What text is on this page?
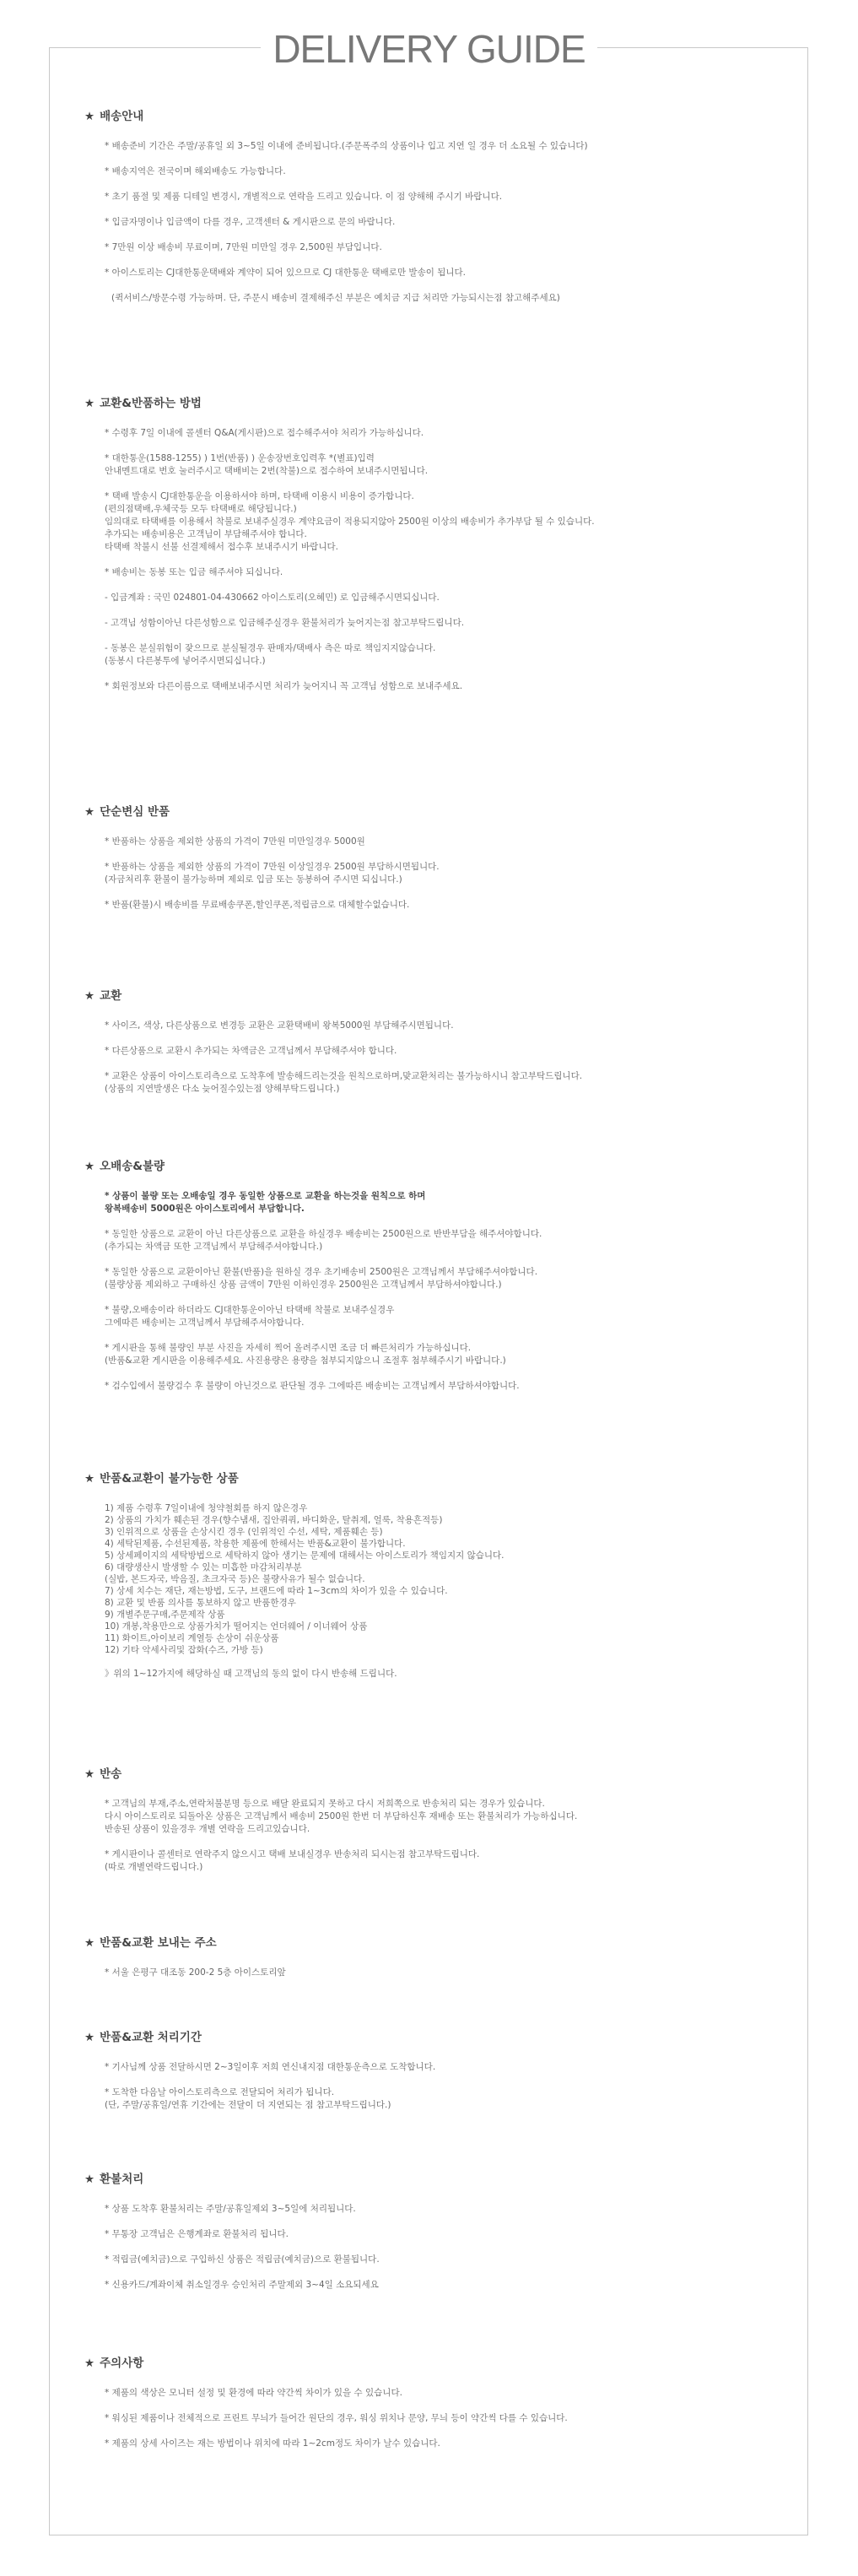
DELIVERY GUIDE
★ 배송안내
* 배송준비 기간은 주말/공휴일 외 3~5일 이내에 준비됩니다.(주문폭주의 상품이나 입고 지연 일 경우 더 소요될 수 있습니다)
* 배송지역은 전국이며 해외배송도 가능합니다.
* 초기 품절 및 제품 디테일 변경시, 개별적으로 연락을 드리고 있습니다. 이 점 양해해 주시기 바랍니다.
* 입금자명이나 입금액이 다를 경우, 고객센터 & 게시판으로 문의 바랍니다.
* 7만원 이상 배송비 무료이며, 7만원 미만일 경우 2,500원 부담입니다.
* 아이스토리는 CJ대한통운택배와 계약이 되어 있으므로 CJ 대한통운 택배로만 발송이 됩니다.
(퀵서비스/방문수령 가능하며. 단, 주문시 배송비 결제해주신 부분은 예치금 지급 처리만 가능되시는점 참고해주세요)
★ 교환&반품하는 방법
* 수령후 7일 이내에 콜센터 Q&A(게시판)으로 접수해주셔야 처리가 가능하십니다.
* 대한통운(1588-1255) ) 1번(반품) ) 운송장번호입력후 *(별표)입력
안내멘트대로 번호 눌러주시고 택배비는 2번(착불)으로 접수하여 보내주시면됩니다.
* 택배 발송시 CJ대한통운을 이용하셔야 하며, 타택배 이용시 비용이 증가합니다.
(편의점택배,우체국등 모두 타택배로 해당됩니다.)
임의대로 타택배를 이용해서 착불로 보내주실경우 계약요금이 적용되지않아 2500원 이상의 배송비가 추가부담 될 수 있습니다.
추가되는 배송비용은 고객님이 부담해주셔야 합니다.
타택배 착불시 선불 선결제해서 접수후 보내주시기 바랍니다.
* 배송비는 동봉 또는 입금 해주셔야 되십니다.
- 입금계좌 : 국민 024801-04-430662 아이스토리(오혜민) 로 입금해주시면되십니다.
- 고객님 성함이아닌 다른성함으로 입금해주실경우 환불처리가 늦어지는점 참고부탁드립니다.
- 동봉은 분실위험이 잦으므로 분실될경우 판매자/택배사 측은 따로 책임지지않습니다.
(동봉시 다른봉투에 넣어주시면되십니다.)
* 회원정보와 다른이름으로 택배보내주시면 처리가 늦어지니 꼭 고객님 성함으로 보내주세요.
★ 단순변심 반품
* 반품하는 상품을 제외한 상품의 가격이 7만원 미만일경우 5000원
* 반품하는 상품을 제외한 상품의 가격이 7만원 이상일경우 2500원 부담하시면됩니다.
(자금처리후 환불이 불가능하며 제외로 입금 또는 동봉하여 주시면 되십니다.)
* 반품(환불)시 배송비를 무료배송쿠폰,할인쿠폰,적립금으로 대체할수없습니다.
★ 교환
* 사이즈, 색상, 다른상품으로 변경등 교환은 교환택배비 왕복5000원 부담해주시면됩니다.
* 다른상품으로 교환시 추가되는 차액금은 고객님께서 부담해주셔야 합니다.
* 교환은 상품이 아이스토리측으로 도착후에 발송해드리는것을 원칙으로하며,맞교환처리는 불가능하시니 참고부탁드립니다.
(상품의 지연발생은 다소 늦어질수있는점 양해부탁드립니다.)
★ 오배송&불량
* 상품이 불량 또는 오배송일 경우 동일한 상품으로 교환을 하는것을 원칙으로 하며
왕복배송비 5000원은 아이스토리에서 부담합니다.
* 동일한 상품으로 교환이 아닌 다른상품으로 교환을 하실경우 배송비는 2500원으로 반반부담을 해주셔야합니다.
(추가되는 차액금 또한 고객님께서 부담해주셔야합니다.)
* 동일한 상품으로 교환이아닌 환불(반품)을 원하실 경우 초기배송비 2500원은 고객님께서 부담해주셔야합니다.
(불량상품 제외하고 구매하신 상품 금액이 7만원 이하인경우 2500원은 고객님께서 부담하셔야합니다.)
* 불량,오배송이라 하더라도 CJ대한통운이아닌 타택배 착불로 보내주실경우
그에따른 배송비는 고객님께서 부담해주셔야합니다.
* 게시판을 통해 불량인 부분 사진을 자세히 찍어 올려주시면 조금 더 빠른처리가 가능하십니다.
(반품&교환 게시판을 이용해주세요. 사진용량은 용량을 첨부되지않으니 조절후 첨부해주시기 바랍니다.)
* 검수입에서 불량검수 후 불량이 아닌것으로 판단될 경우 그에따른 배송비는 고객님께서 부담하셔야합니다.
★ 반품&교환이 불가능한 상품
1) 제품 수령후 7일이내에 청약철회를 하지 않은경우
2) 상품의 가치가 훼손된 경우(향수냄새, 집안쿼쿼, 바디화운, 탈취제, 얼룩, 착용흔적등)
3) 인위적으로 상품을 손상시킨 경우 (인위적인 수선, 세탁, 제품훼손 등)
4) 세탁된제품, 수선된제품, 착용한 제품에 한해서는 반품&교환이 불가합니다.
5) 상세페이지의 세탁방법으로 세탁하지 않아 생기는 문제에 대해서는 아이스토리가 책임지지 않습니다.
6) 대량생산시 발생할 수 있는 미흡한 마감처리부분
(실밥, 본드자국, 박음질, 초크자국 등)은 불량사유가 될수 없습니다.
7) 상세 치수는 재단, 재는방법, 도구, 브랜드에 따라 1~3cm의 차이가 있을 수 있습니다.
8) 교환 및 반품 의사를 통보하지 않고 반품한경우
9) 개별주문구매,주문제작 상품
10) 개봉,착용만으로 상품가치가 떨어지는 언더웨어 / 이너웨어 상품
11) 화이트,아이보리 계열등 손상이 쉬운상품
12) 기타 악세사리및 잡화(수즈, 가방 등)
》위의 1~12가지에 해당하실 때 고객님의 동의 없이 다시 반송해 드립니다.
★ 반송
* 고객님의 부재,주소,연락처불분명 등으로 배달 완료되지 못하고 다시 저희쪽으로 반송처리 되는 경우가 있습니다.
다시 아이스토리로 되돌아온 상품은 고객님께서 배송비 2500원 한번 더 부담하신후 재배송 또는 환불처리가 가능하십니다.
반송된 상품이 있을경우 개별 연락을 드리고있습니다.
* 게시판이나 콜센터로 연락주지 않으시고 택배 보내실경우 반송처리 되시는점 참고부탁드립니다.
(따로 개별연락드립니다.)
★ 반품&교환 보내는 주소
* 서울 은평구 대조동 200-2 5층 아이스토리앞
★ 반품&교환 처리기간
* 기사님께 상품 전달하시면 2~3일이후 저희 연신내지점 대한통운측으로 도착합니다.
* 도착한 다음날 아이스토리측으로 전달되어 처리가 됩니다.
(단, 주말/공휴일/연휴 기간에는 전달이 더 지연되는 점 참고부탁드립니다.)
★ 환불처리
* 상품 도착후 환불처리는 주말/공휴일제외 3~5일에 처리됩니다.
* 무통장 고객님은 은행계좌로 환불처리 됩니다.
* 적립금(예치금)으로 구입하신 상품은 적립금(예치금)으로 환불됩니다.
* 신용카드/계좌이체 취소일경우 승인처리 주말제외 3~4일 소요되세요
★ 주의사항
* 제품의 색상은 모니터 설정 및 환경에 따라 약간씩 차이가 있을 수 있습니다.
* 워싱된 제품이나 전체적으로 프린트 무늬가 들어간 원단의 경우, 워싱 위치나 문양, 무늬 등이 약간씩 다를 수 있습니다.
* 제품의 상세 사이즈는 재는 방법이나 위치에 따라 1~2cm정도 차이가 날수 있습니다.
